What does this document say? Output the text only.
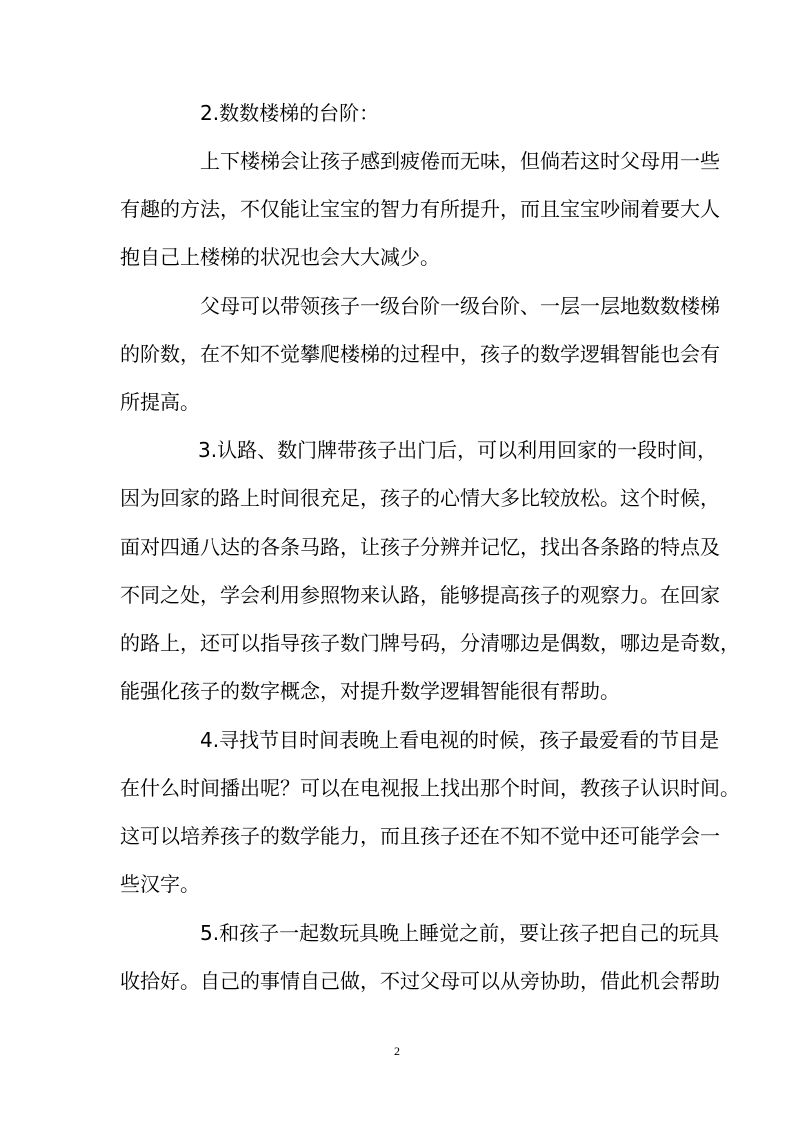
2.数数楼梯的台阶：
上下楼梯会让孩子感到疲倦而无味，但倘若这时父母用一些
有趣的方法，不仅能让宝宝的智力有所提升，而且宝宝吵闹着要大人
抱自己上楼梯的状况也会大大减少。
父母可以带领孩子一级台阶一级台阶、一层一层地数数楼梯
的阶数，在不知不觉攀爬楼梯的过程中，孩子的数学逻辑智能也会有
所提高。
3.认路、数门牌带孩子出门后，可以利用回家的一段时间，
因为回家的路上时间很充足，孩子的心情大多比较放松。这个时候，
面对四通八达的各条马路，让孩子分辨并记忆，找出各条路的特点及
不同之处，学会利用参照物来认路，能够提高孩子的观察力。在回家
的路上，还可以指导孩子数门牌号码，分清哪边是偶数，哪边是奇数，
能强化孩子的数字概念，对提升数学逻辑智能很有帮助。
4.寻找节目时间表晚上看电视的时候，孩子最爱看的节目是
在什么时间播出呢？可以在电视报上找出那个时间，教孩子认识时间。
这可以培养孩子的数学能力，而且孩子还在不知不觉中还可能学会一
些汉字。
5.和孩子一起数玩具晚上睡觉之前，要让孩子把自己的玩具
收拾好。自己的事情自己做，不过父母可以从旁协助，借此机会帮助
2
